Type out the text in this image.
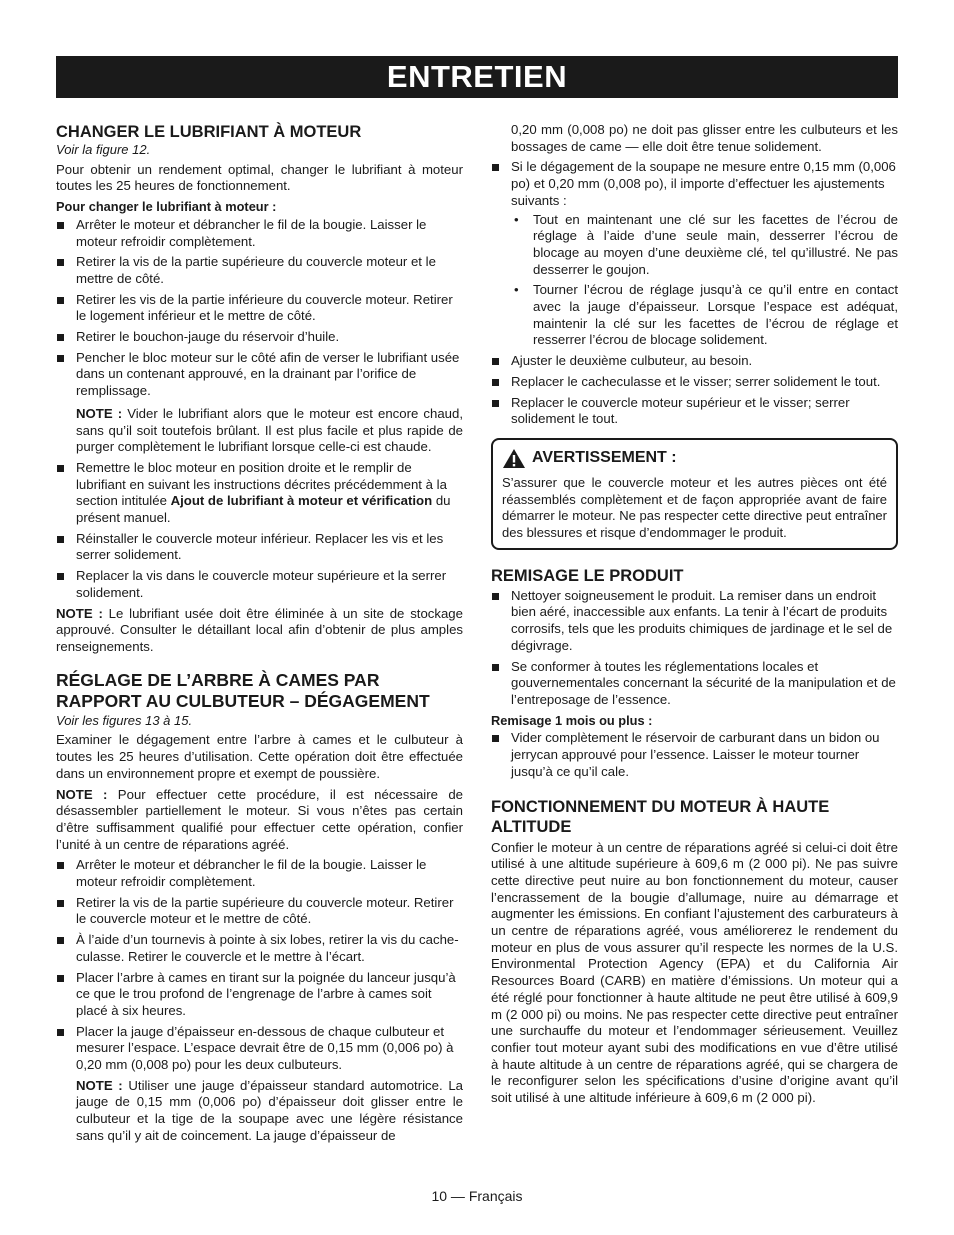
ENTRETIEN
CHANGER LE LUBRIFIANT À MOTEUR
Voir la figure 12.

Pour obtenir un rendement optimal, changer le lubrifiant à moteur toutes les 25 heures de fonctionnement.

Pour changer le lubrifiant à moteur :
Arrêter le moteur et débrancher le fil de la bougie. Laisser le moteur refroidir complètement.
Retirer la vis de la partie supérieure du couvercle moteur et le mettre de côté.
Retirer les vis de la partie inférieure du couvercle moteur. Retirer le logement inférieur et le mettre de côté.
Retirer le bouchon-jauge du réservoir d’huile.
Pencher le bloc moteur sur le côté afin de verser le lubrifiant usée dans un contenant approuvé, en la drainant par l’orifice de remplissage.
NOTE : Vider le lubrifiant alors que le moteur est encore chaud, sans qu’il soit toutefois brûlant. Il est plus facile et plus rapide de purger complètement le lubrifiant lorsque celle-ci est chaude.
Remettre le bloc moteur en position droite et le remplir de lubrifiant en suivant les instructions décrites précédemment à la section intitulée Ajout de lubrifiant à moteur et vérification du présent manuel.
Réinstaller le couvercle moteur inférieur. Replacer les vis et les serrer solidement.
Replacer la vis dans le couvercle moteur supérieure et la serrer solidement.

NOTE : Le lubrifiant usée doit être éliminée à un site de stockage approuvé. Consulter le détaillant local afin d’obtenir de plus amples renseignements.

RÉGLAGE DE L’ARBRE À CAMES PAR RAPPORT AU CULBUTEUR – DÉGAGEMENT
Voir les figures 13 à 15.

Examiner le dégagement entre l’arbre à cames et le culbuteur à toutes les 25 heures d’utilisation. Cette opération doit être effectuée dans un environnement propre et exempt de poussière.

NOTE : Pour effectuer cette procédure, il est nécessaire de désassembler partiellement le moteur. Si vous n’êtes pas certain d’être suffisamment qualifié pour effectuer cette opération, confier l’unité à un centre de réparations agréé.

Arrêter le moteur et débrancher le fil de la bougie. Laisser le moteur refroidir complètement.
Retirer la vis de la partie supérieure du couvercle moteur. Retirer le couvercle moteur et le mettre de côté.
À l’aide d’un tournevis à pointe à six lobes, retirer la vis du cache-culasse. Retirer le couvercle et le mettre à l’écart.
Placer l’arbre à cames en tirant sur la poignée du lanceur jusqu’à ce que le trou profond de l’engrenage de l’arbre à cames soit placé à six heures.
Placer la jauge d’épaisseur en-dessous de chaque culbuteur et mesurer l’espace. L’espace devrait être de 0,15 mm (0,006 po) à 0,20 mm (0,008 po) pour les deux culbuteurs.
NOTE : Utiliser une jauge d’épaisseur standard automotrice. La jauge de 0,15 mm (0,006 po) d’épaisseur doit glisser entre le culbuteur et la tige de la soupape avec une légère résistance sans qu’il y ait de coincement. La jauge d’épaisseur de

0,20 mm (0,008 po) ne doit pas glisser entre les culbuteurs et les bossages de came — elle doit être tenue solidement.

Si le dégagement de la soupape ne mesure entre 0,15 mm (0,006 po) et 0,20 mm (0,008 po), il importe d’effectuer les ajustements suivants :
• Tout en maintenant une clé sur les facettes de l’écrou de réglage à l’aide d’une seule main, desserrer l’écrou de blocage au moyen d’une deuxième clé, tel qu’illustré. Ne pas desserrer le goujon.
• Tourner l’écrou de réglage jusqu’à ce qu’il entre en contact avec la jauge d’épaisseur. Lorsque l’espace est adéquat, maintenir la clé sur les facettes de l’écrou de réglage et resserrer l’écrou de blocage solidement.
Ajuster le deuxième culbuteur, au besoin.
Replacer le cacheculasse et le visser; serrer solidement le tout.
Replacer le couvercle moteur supérieur et le visser; serrer solidement le tout.
AVERTISSEMENT :

S’assurer que le couvercle moteur et les autres pièces ont été réassemblés complètement et de façon appropriée avant de faire démarrer le moteur. Ne pas respecter cette directive peut entraîner des blessures et risque d’endommager le produit.

REMISAGE LE PRODUIT
Nettoyer soigneusement le produit. La remiser dans un endroit bien aéré, inaccessible aux enfants. La tenir à l’écart de produits corrosifs, tels que les produits chimiques de jardinage et le sel de dégivrage.
Se conformer à toutes les réglementations locales et gouvernementales concernant la sécurité de la manipulation et de l’entreposage de l’essence.
Remisage 1 mois ou plus :
Vider complètement le réservoir de carburant dans un bidon ou jerrycan approuvé pour l’essence. Laisser le moteur tourner jusqu’à ce qu’il cale.
FONCTIONNEMENT DU MOTEUR À HAUTE ALTITUDE

Confier le moteur à un centre de réparations agréé si celui-ci doit être utilisé à une altitude supérieure à 609,6 m (2 000 pi). Ne pas suivre cette directive peut nuire au bon fonctionnement du moteur, causer l’encrassement de la bougie d’allumage, nuire au démarrage et augmenter les émissions. En confiant l’ajustement des carburateurs à un centre de réparations agréé, vous améliorerez le rendement du moteur en plus de vous assurer qu’il respecte les normes de la U.S. Environmental Protection Agency (EPA) et du California Air Resources Board (CARB) en matière d’émissions. Un moteur qui a été réglé pour fonctionner à haute altitude ne peut être utilisé à 609,9 m (2 000 pi) ou moins. Ne pas respecter cette directive peut entraîner une surchauffe du moteur et l’endommager sérieusement. Veuillez confier tout moteur ayant subi des modifications en vue d’être utilisé à haute altitude à un centre de réparations agréé, qui se chargera de le reconfigurer selon les spécifications d’usine d’origine avant qu’il soit utilisé à une altitude inférieure à 609,6 m (2 000 pi).

10 — Français
